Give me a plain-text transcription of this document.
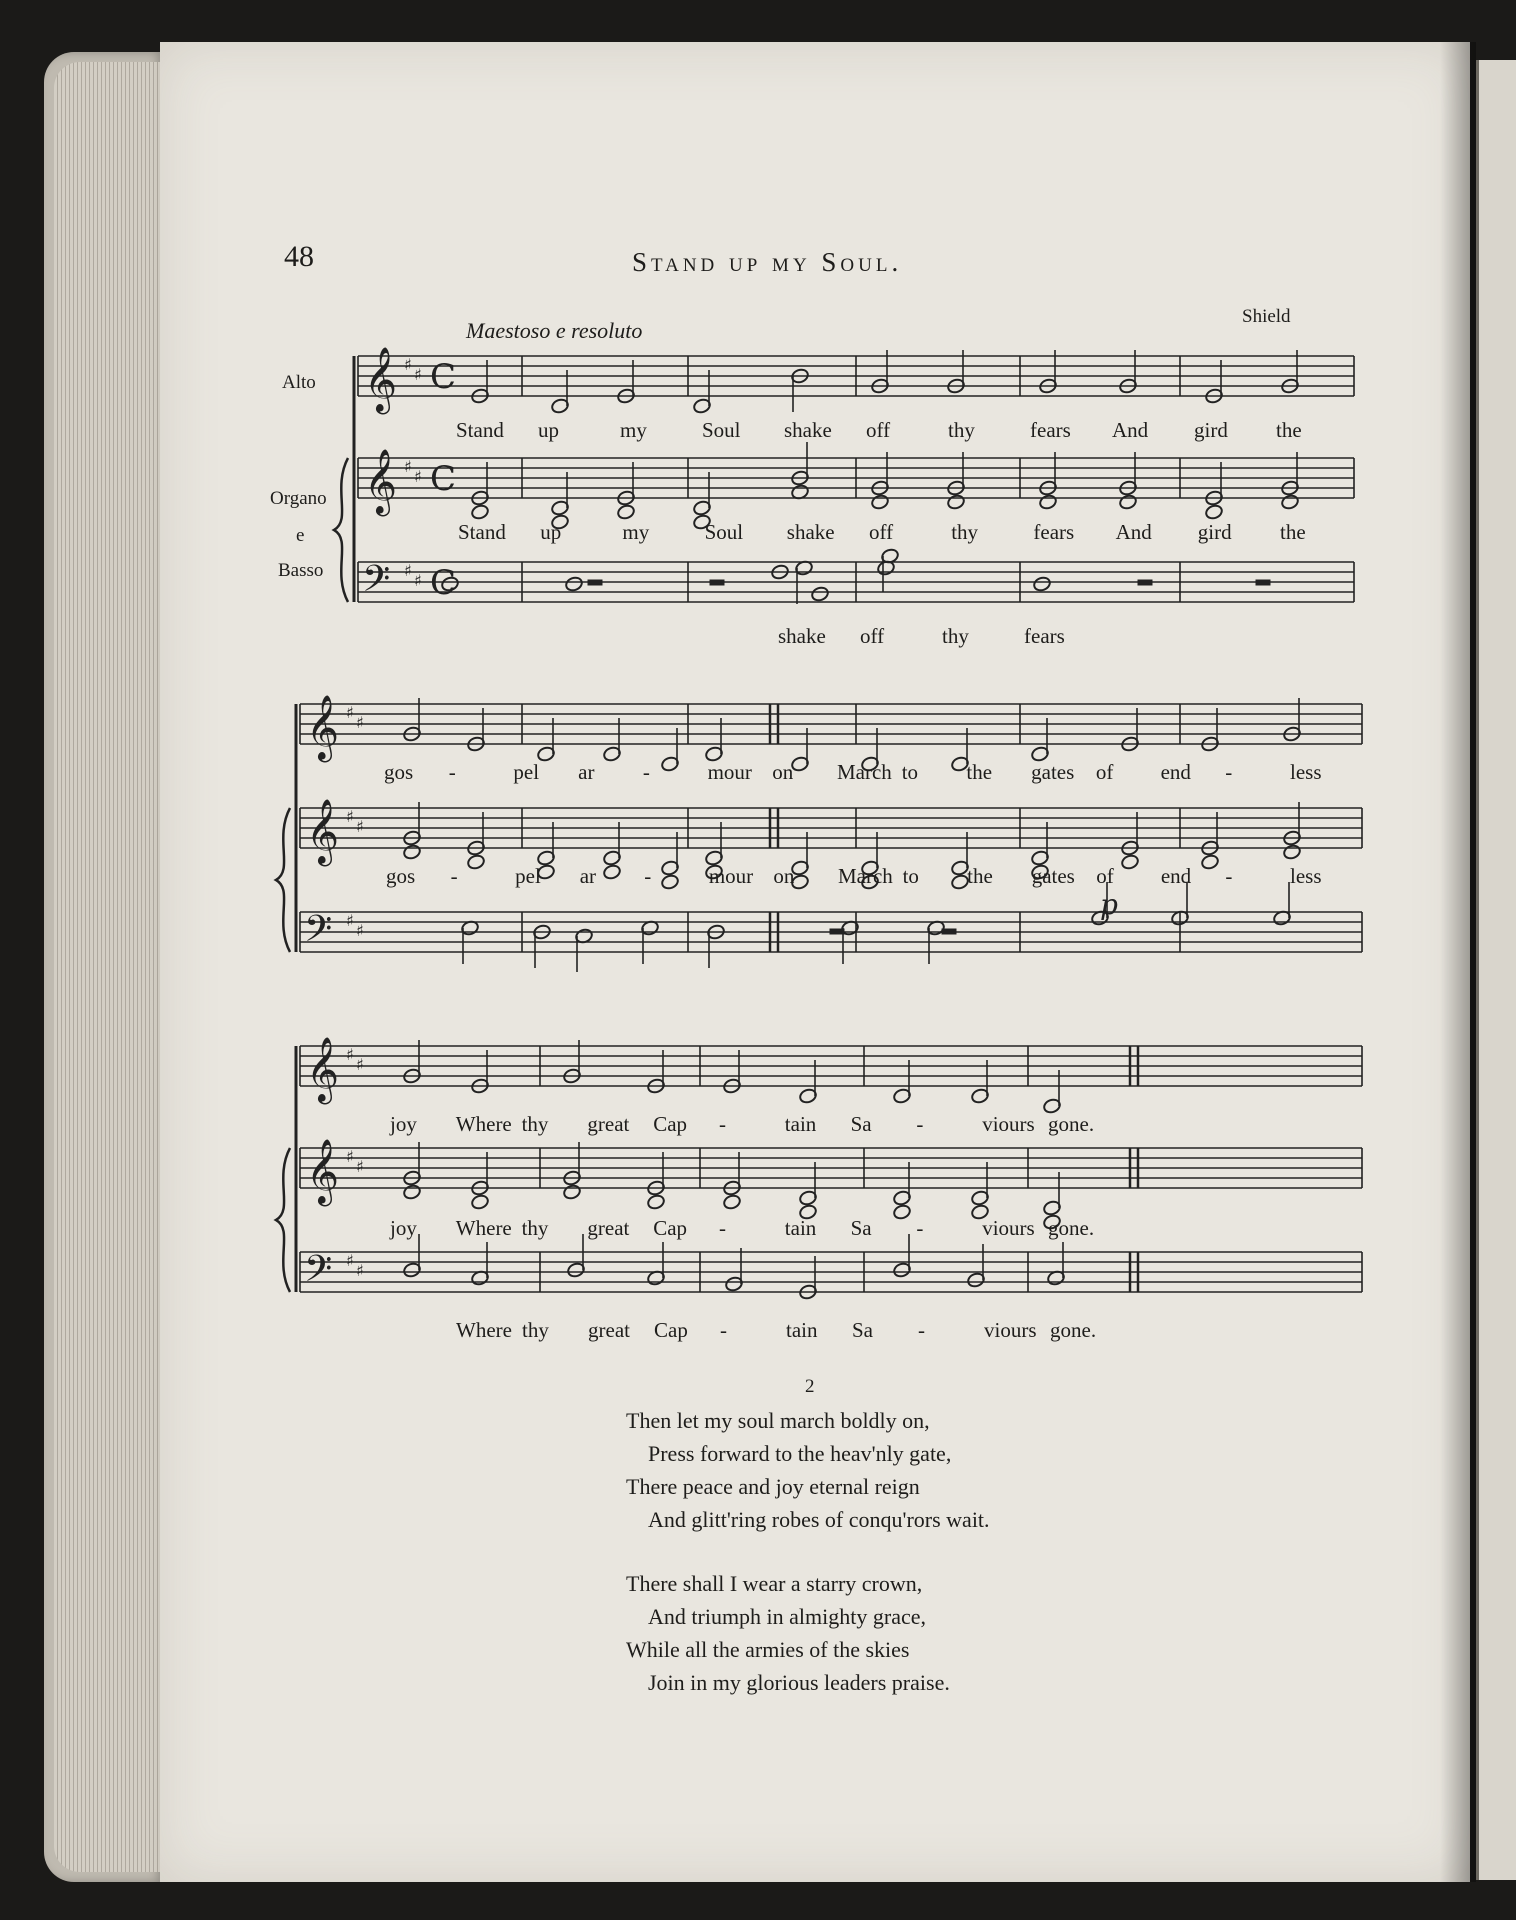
48	Stand up my Soul.
Shield
Maestoso e resoluto
Alto
Organo
e
Basso
𝄞
𝄞
𝄢
♯
♯
♯
♯
♯
♯
C
C
C
𝄞
𝄞
𝄢
♯
♯
♯
♯
♯
♯
𝄞
𝄞
𝄢
♯
♯
♯
♯
♯
♯
p
Stand up	my	Soul shake off	thy	fears And gird the
Stand up	my	Soul shake off	thy	fears And gird the
shake off	thy	fears
gos -	pel ar -	mour on March to the gates of end -	less
gos -	pel ar -	mour on March to the gates of end -	less
joy Where thy great Cap -	tain Sa -	viours gone.
joy Where thy great Cap -	tain Sa -	viours gone.
Where thy great Cap -	tain Sa -	viours gone.
2
Then let my soul march boldly on,
Press forward to the heav'nly gate,
There peace and joy eternal reign
And glitt'ring robes of conqu'rors wait.
There shall I wear a starry crown,
And triumph in almighty grace,
While all the armies of the skies
Join in my glorious leaders praise.
